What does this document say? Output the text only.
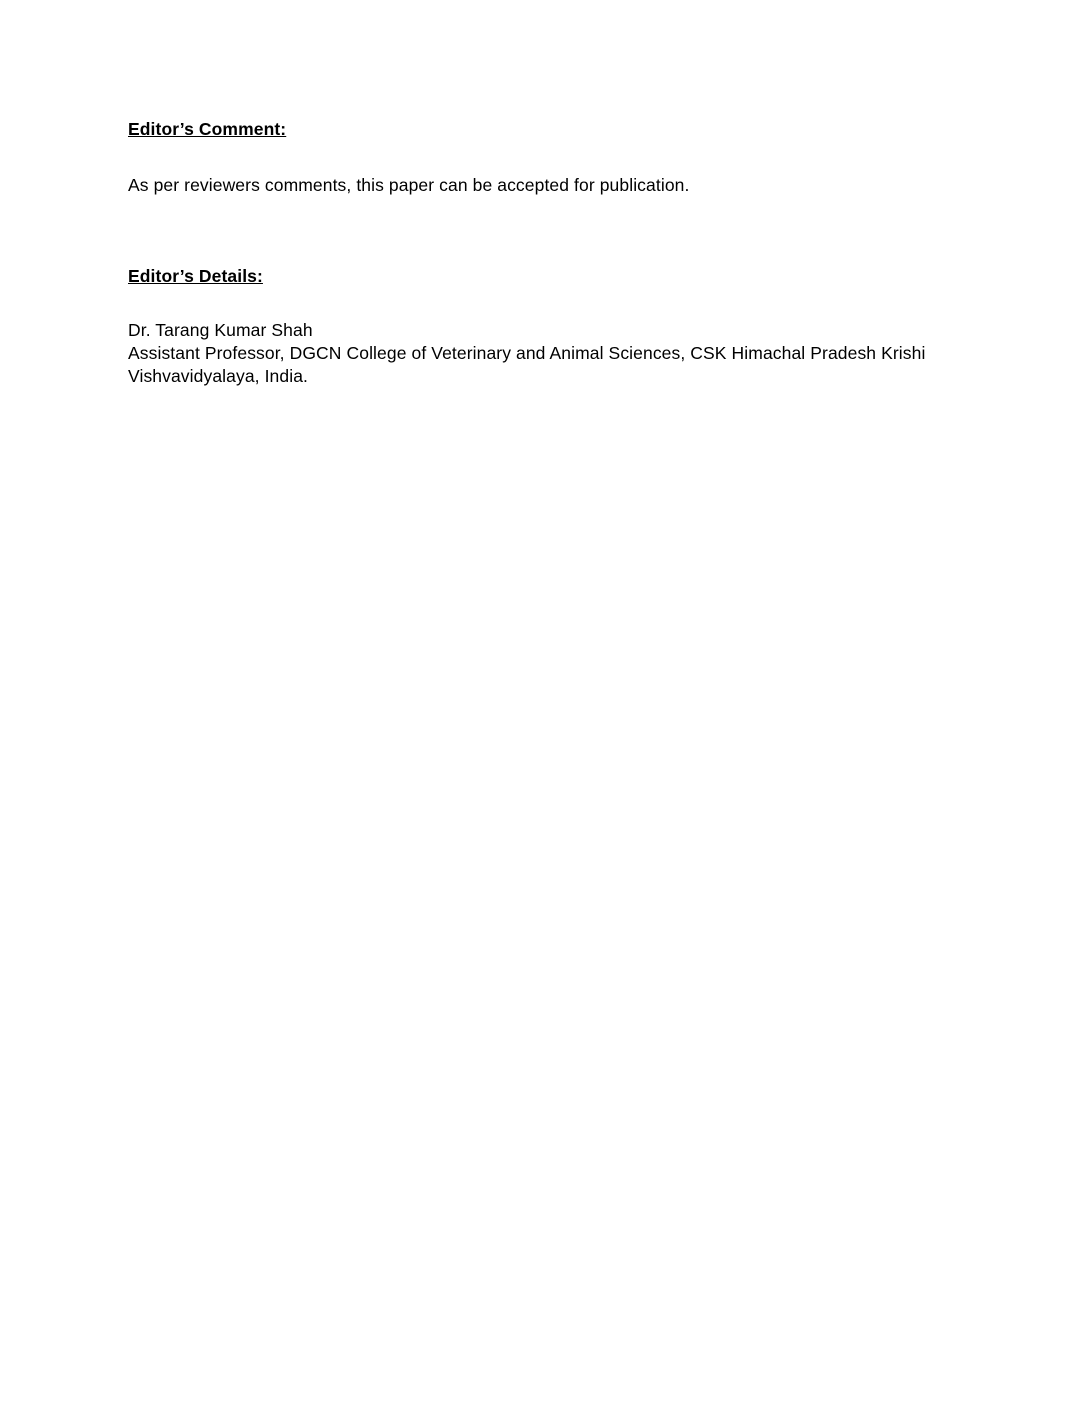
Editor’s Comment:
As per reviewers comments, this paper can be accepted for publication.
Editor’s Details:

Dr. Tarang Kumar Shah

Assistant Professor, DGCN College of Veterinary and Animal Sciences, CSK Himachal Pradesh Krishi

Vishvavidyalaya, India.
